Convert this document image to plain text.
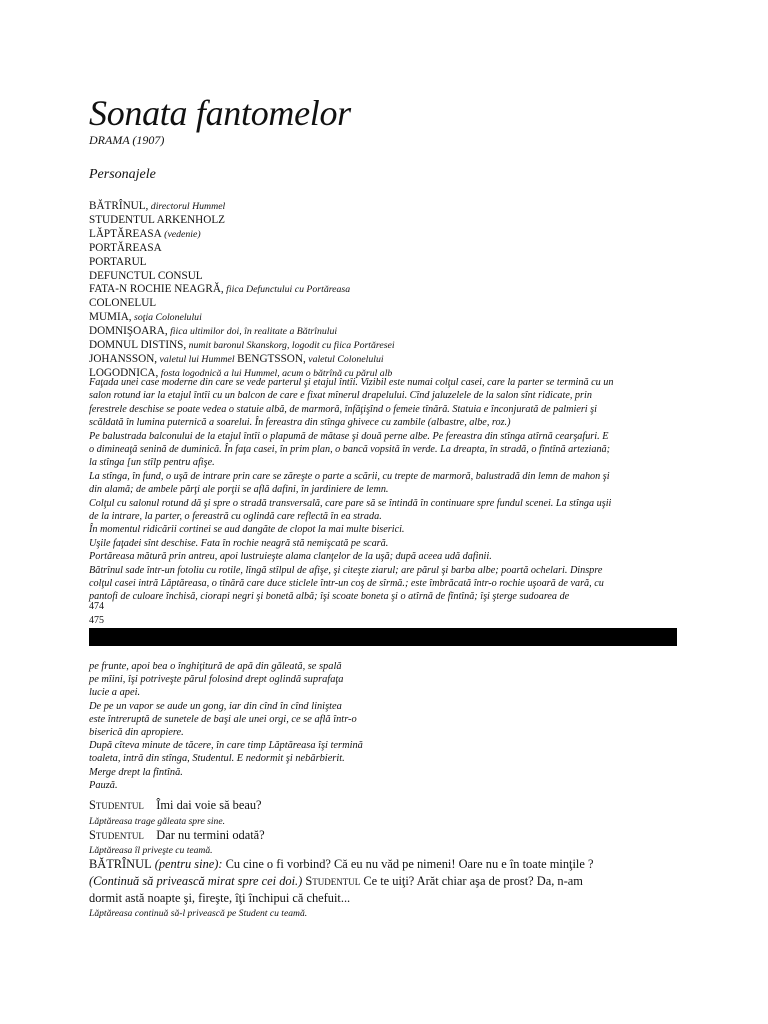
Sonata fantomelor
DRAMA (1907)
Personajele
BĂTRÎNUL, directorul Hummel
STUDENTUL ARKENHOLZ
LĂPTĂREASA (vedenie)
PORTĂREASA
PORTARUL
DEFUNCTUL CONSUL
FATA-N ROCHIE NEAGRĂ, fiica Defunctului cu Portăreasa
COLONELUL
MUMIA, soţia Colonelului
DOMNIŞOARA, fiica ultimilor doi, în realitate a Bătrînului
DOMNUL DISTINS, numit baronul Skanskorg, logodit cu fiica Portăresei
JOHANSSON, valetul lui Hummel BENGTSSON, valetul Colonelului
LOGODNICA, fosta logodnică a lui Hummel, acum o bătrînă cu părul alb
Faţada unei case moderne din care se vede parterul şi etajul întîi. Vizibil este numai colţul casei, care la parter se termină cu un
salon rotund iar la etajul întîi cu un balcon de care e fixat mînerul drapelului. Cînd jaluzelele de la salon sînt ridicate, prin
ferestrele deschise se poate vedea o statuie albă, de marmoră, înfăţişînd o femeie tînără. Statuia e înconjurată de palmieri şi
scăldată în lumina puternică a soarelui. În fereastra din stînga ghivece cu zambile (albastre, albe, roz.)
Pe balustrada balconului de la etajul întîi o plapumă de mătase şi două perne albe. Pe fereastra din stînga atîrnă cearşafuri. E
o dimineaţă senină de duminică. În faţa casei, în prim plan, o bancă vopsită în verde. La dreapta, în stradă, o fîntînă arteziană;
la stînga [un stîlp pentru afişe.
La stînga, în fund, o uşă de intrare prin care se zăreşte o parte a scării, cu trepte de marmoră, balustradă din lemn de mahon şi
din alamă; de ambele părţi ale porţii se află dafini, în jardiniere de lemn.
Colţul cu salonul rotund dă şi spre o stradă transversală, care pare să se întindă în continuare spre fundul scenei. La stînga uşii
de la intrare, la parter, o fereastră cu oglindă care reflectă în ea strada.
În momentul ridicării cortinei se aud dangăte de clopot la mai multe biserici.
Uşile faţadei sînt deschise. Fata în rochie neagră stă nemişcată pe scară.
Portăreasa mătură prin antreu, apoi lustruieşte alama clanţelor de la uşă; după aceea udă dafinii.
Bătrînul sade într-un fotoliu cu rotile, lîngă stîlpul de afişe, şi citeşte ziarul; are părul şi barba albe; poartă ochelari. Dinspre
colţul casei intră Lăptăreasa, o tînără care duce sticlele într-un coş de sîrmă.; este îmbrăcată într-o rochie uşoară de vară, cu
pantofi de culoare închisă, ciorapi negri şi bonetă albă; îşi scoate boneta şi o atîrnă de fîntînă; îşi şterge sudoarea de
474
475
pe frunte, apoi bea o înghiţitură de apă din găleată, se spală
pe mîini, îşi potriveşte părul folosind drept oglindă suprafaţa
lucie a apei.
De pe un vapor se aude un gong, iar din cînd în cînd liniştea
este întreruptă de sunetele de başi ale unei orgi, ce se află într-o
biserică din apropiere.
După cîteva minute de tăcere, în care timp Lăptăreasa îşi termină
toaleta, intră din stînga, Studentul. E nedormit şi nebărbierit.
Merge drept la fîntînă.
Pauză.
Studentul Îmi dai voie să beau?
Lăptăreasa trage găleata spre sine.
Studentul Dar nu termini odată?
Lăptăreasa îl priveşte cu teamă.
BĂTRÎNUL (pentru sine): Cu cine o fi vorbind? Că eu nu văd pe nimeni! Oare nu e în toate minţile ?
(Continuă să privească mirat spre cei doi.) Studentul Ce te uiţi? Arăt chiar aşa de prost? Da, n-am
dormit astă noapte şi, fireşte, îţi închipui că chefuit...
Lăptăreasa continuă să-l privească pe Student cu teamă.
